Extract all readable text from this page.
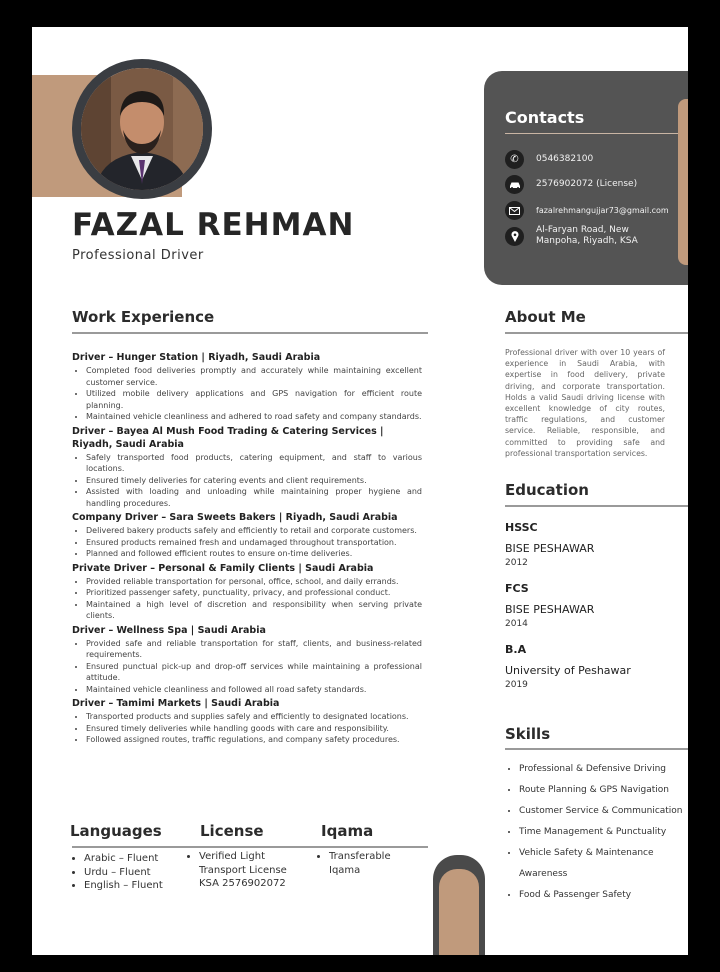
FAZAL REHMAN
Professional Driver
Contacts
✆	0546382100
2576902072 (License)
fazalrehmangujjar73@gmail.com
Al-Faryan Road, New Manpoha, Riyadh, KSA
Work Experience
Driver – Hunger Station | Riyadh, Saudi Arabia
• Completed food deliveries promptly and accurately while maintaining excellent customer service.
• Utilized mobile delivery applications and GPS navigation for efficient route planning.
• Maintained vehicle cleanliness and adhered to road safety and company standards.
Driver – Bayea Al Mush Food Trading & Catering Services | Riyadh, Saudi Arabia
• Safely transported food products, catering equipment, and staff to various locations.
• Ensured timely deliveries for catering events and client requirements.
• Assisted with loading and unloading while maintaining proper hygiene and handling procedures.
Company Driver – Sara Sweets Bakers | Riyadh, Saudi Arabia
• Delivered bakery products safely and efficiently to retail and corporate customers.
• Ensured products remained fresh and undamaged throughout transportation.
• Planned and followed efficient routes to ensure on-time deliveries.
Private Driver – Personal & Family Clients | Saudi Arabia
• Provided reliable transportation for personal, office, school, and daily errands.
• Prioritized passenger safety, punctuality, privacy, and professional conduct.
• Maintained a high level of discretion and responsibility when serving private clients.
Driver – Wellness Spa | Saudi Arabia
• Provided safe and reliable transportation for staff, clients, and business-related requirements.
• Ensured punctual pick-up and drop-off services while maintaining a professional attitude.
• Maintained vehicle cleanliness and followed all road safety standards.
Driver – Tamimi Markets | Saudi Arabia
• Transported products and supplies safely and efficiently to designated locations.
• Ensured timely deliveries while handling goods with care and responsibility.
• Followed assigned routes, traffic regulations, and company safety procedures.
About Me
Professional driver with over 10 years of experience in Saudi Arabia, with expertise in food delivery, private driving, and corporate transportation. Holds a valid Saudi driving license with excellent knowledge of city routes, traffic regulations, and customer service. Reliable, responsible, and committed to providing safe and professional transportation services.
Education
HSSC
BISE PESHAWAR
2012
FCS
BISE PESHAWAR
2014
B.A
University of Peshawar
2019
Skills
• Professional & Defensive Driving
• Route Planning & GPS Navigation
• Customer Service & Communication
• Time Management & Punctuality
• Vehicle Safety & Maintenance Awareness
• Food & Passenger Safety
Languages
• Arabic – Fluent
• Urdu – Fluent
• English – Fluent
License
• Verified Light Transport License KSA 2576902072
Iqama
• Transferable Iqama
